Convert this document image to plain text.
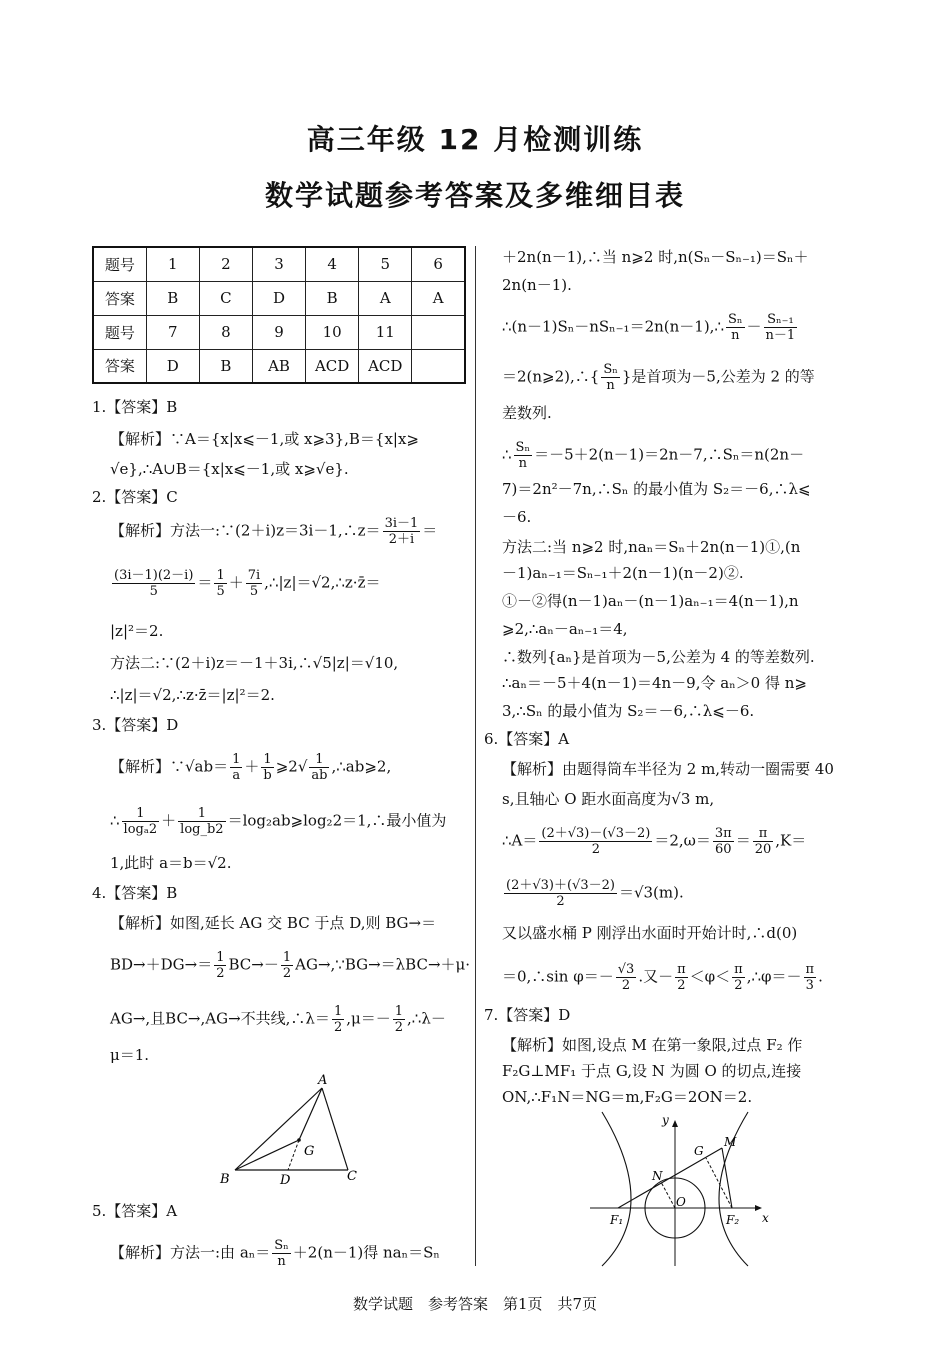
高三年级 12 月检测训练
数学试题参考答案及多维细目表
题号	1	2	3	4	5	6
答案	B	C	D	B	A	A
题号	7	8	9	10	11	
答案	D	B	AB	ACD	ACD	
1.【答案】B
【解析】∵A＝{x|x⩽－1,或 x⩾3},B＝{x|x⩾
√e},∴A∪B＝{x|x⩽－1,或 x⩾√e}.
2.【答案】C
【解析】方法一:∵(2＋i)z＝3i－1,∴z＝ $\frac{3i-1}{2+i}$ ＝
$\frac{(3i-1)(2-i)}{5} = \frac{1}{5} + \frac{7i}{5}$ ,∴|z|＝√2,∴z·z̄＝
|z|²＝2.
方法二:∵(2＋i)z＝－1＋3i,∴√5|z|＝√10,
∴|z|＝√2,∴z·z̄＝|z|²＝2.
3.【答案】D
【解析】∵√ab＝ $\frac{1}{a} + \frac{1}{b}$ ⩾2√ $\frac{1}{ab}$ ,∴ab⩾2,
∴ $\frac{1}{\text{logₐ2}} + \frac{1}{\log\_b2}$ ＝log₂ab⩾log₂2＝1,∴最小值为
1,此时 a＝b＝√2.
4.【答案】B
【解析】如图,延长 AG 交 BC 于点 D,则 BG→＝
$BD\to+DG\to= \frac{1}{2} BC\to- \frac{1}{2}$ AG→,∵BG→＝λBC→＋μ·
AG→,且BC→,AG→不共线,∴λ＝ $\frac{1}{2} ,\mu=- \frac{1}{2}$ ,∴λ－
μ＝1.
5.【答案】A
【解析】方法一:由 $a_n= \frac{\text{Sₙ}}{n} +2(n-1)$得 naₙ＝Sₙ
A
B	C
D
G
＋2n(n－1),∴当 n⩾2 时,n(Sₙ－Sₙ₋₁)＝Sₙ＋
2n(n－1).
∴(n－1)Sₙ－nSₙ₋₁＝2n(n－1),∴ $\frac{\text{Sₙ}}{n} - \frac{\text{Sₙ₋₁}}{n-1}$
＝2(n⩾2),∴{ $\frac{\text{Sₙ}}{n}$ }是首项为－5,公差为 2 的等
差数列.
∴ $\frac{\text{Sₙ}}{n}$ ＝－5＋2(n－1)＝2n－7,∴Sₙ＝n(2n－
7)＝2n²－7n,∴Sₙ 的最小值为 S₂＝－6,∴λ⩽
－6.
方法二:当 n⩾2 时,naₙ＝Sₙ＋2n(n－1)①,(n
－1)aₙ₋₁＝Sₙ₋₁＋2(n－1)(n－2)②.
①－②得(n－1)aₙ－(n－1)aₙ₋₁＝4(n－1),n
⩾2,∴aₙ－aₙ₋₁＝4,
∴数列{aₙ}是首项为－5,公差为 4 的等差数列.
∴aₙ＝－5＋4(n－1)＝4n－9,令 aₙ＞0 得 n⩾
3,∴Sₙ 的最小值为 S₂＝－6,∴λ⩽－6.
6.【答案】A
【解析】由题得筒车半径为 2 m,转动一圈需要 40
s,且轴心 O 距水面高度为√3 m,
∴A＝ $\frac{(2+√3)-(√3-2)}{2} =2,\omega= \frac{3\pi}{60} = \frac{\pi}{20} ,K=$
$\frac{(2+√3)+(√3-2)}{2} =√3(m)$.
又以盛水桶 P 刚浮出水面时开始计时,∴d(0)
＝0,∴sin $\varphi=- \frac{√3}{2}$ .又－ $\frac{\pi}{2} <\varphi< \frac{\pi}{2}$ ,∴φ＝－ $\frac{\pi}{3}$ .
7.【答案】D
【解析】如图,设点 M 在第一象限,过点 F₂ 作
F₂G⊥MF₁ 于点 G,设 N 为圆 O 的切点,连接
ON,∴F₁N＝NG＝m,F₂G＝2ON＝2.
y
x
O
G
M
N
F₁	F₂
数学试题　参考答案　第1页　共7页
